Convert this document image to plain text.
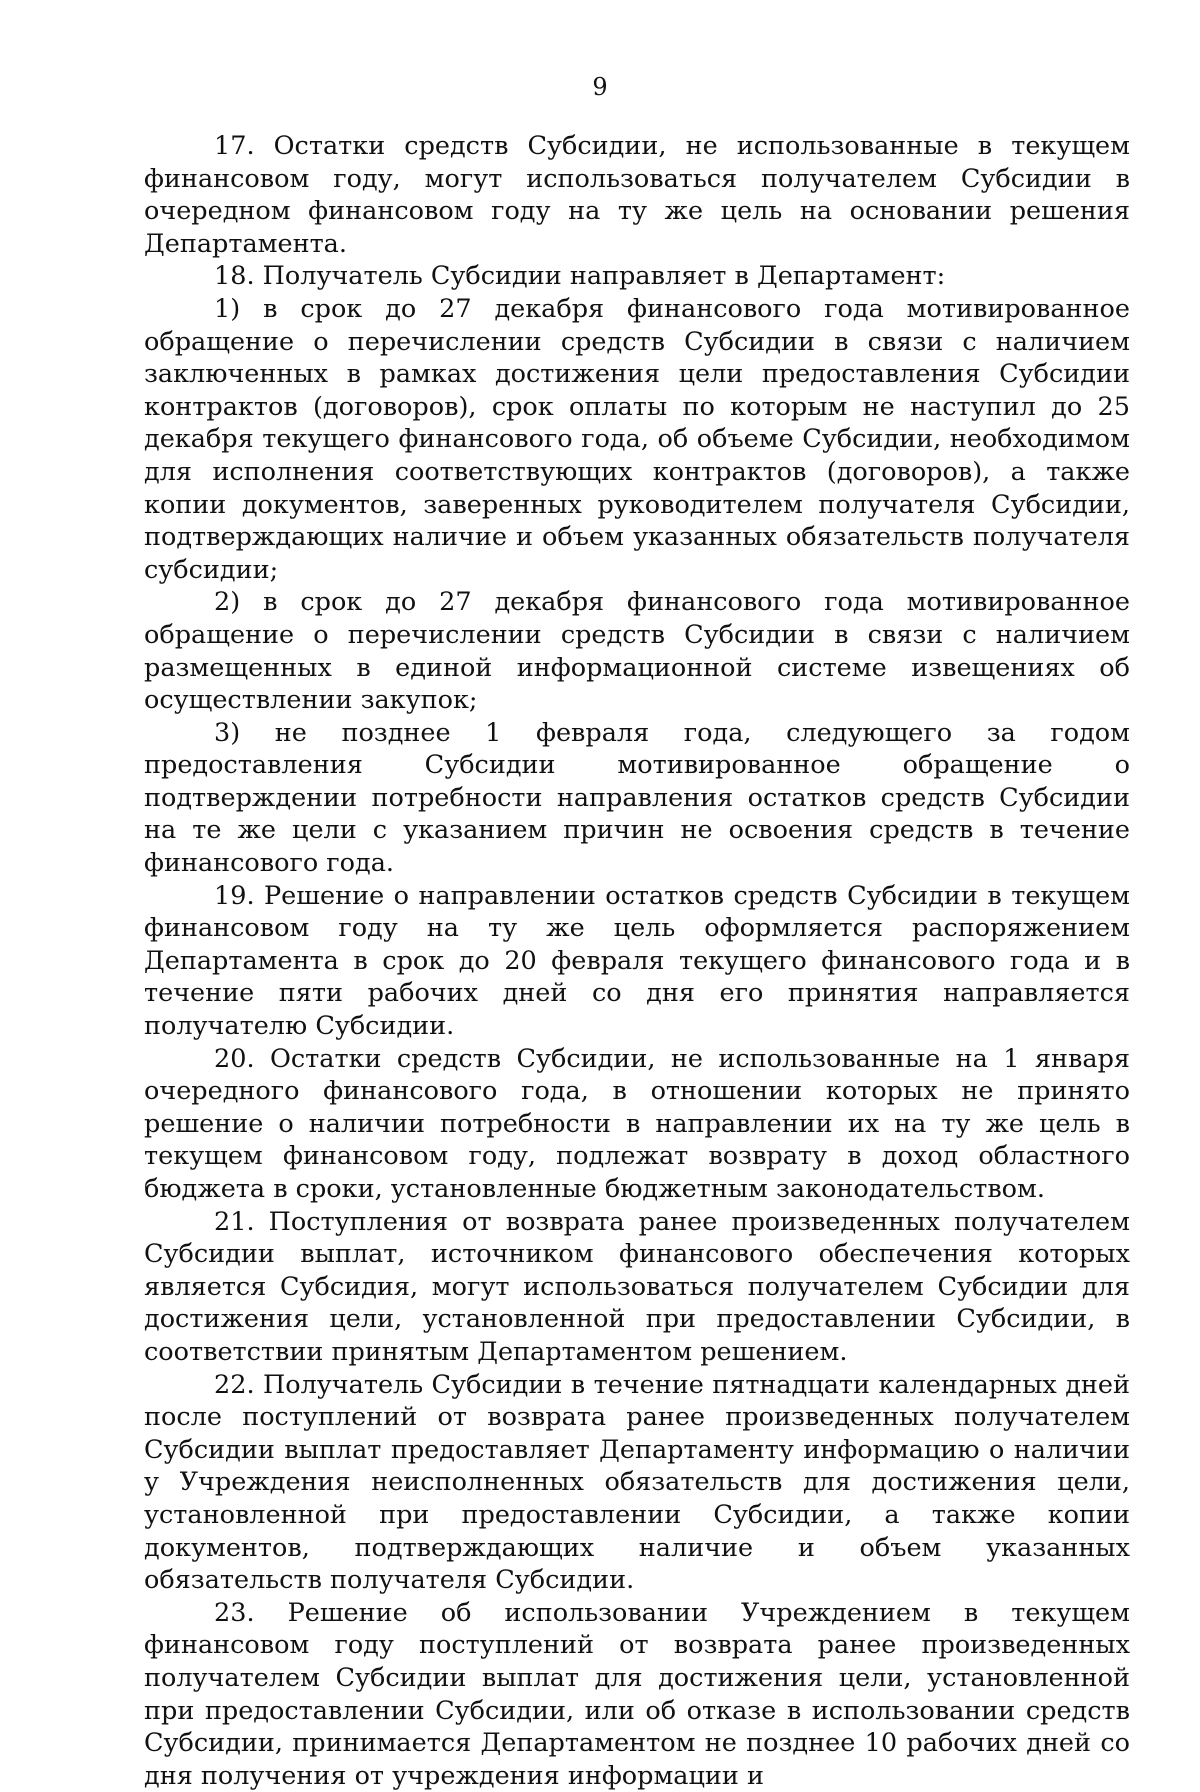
9

17. Остатки средств Субсидии, не использованные в текущем финансовом году, могут использоваться получателем Субсидии в очередном финансовом году на ту же цель на основании решения Департамента.

18. Получатель Субсидии направляет в Департамент:

1) в срок до 27 декабря финансового года мотивированное обращение о перечислении средств Субсидии в связи с наличием заключенных в рамках достижения цели предоставления Субсидии контрактов (договоров), срок оплаты по которым не наступил до 25 декабря текущего финансового года, об объеме Субсидии, необходимом для исполнения соответствующих контрактов (договоров), а также копии документов, заверенных руководителем получателя Субсидии, подтверждающих наличие и объем указанных обязательств получателя субсидии;

2) в срок до 27 декабря финансового года мотивированное обращение о перечислении средств Субсидии в связи с наличием размещенных в единой информационной системе извещениях об осуществлении закупок;

3) не позднее 1 февраля года, следующего за годом предоставления Субсидии мотивированное обращение о подтверждении потребности направления остатков средств Субсидии на те же цели с указанием причин не освоения средств в течение финансового года.

19. Решение о направлении остатков средств Субсидии в текущем финансовом году на ту же цель оформляется распоряжением Департамента в срок до 20 февраля текущего финансового года и в течение пяти рабочих дней со дня его принятия направляется получателю Субсидии.

20. Остатки средств Субсидии, не использованные на 1 января очередного финансового года, в отношении которых не принято решение о наличии потребности в направлении их на ту же цель в текущем финансовом году, подлежат возврату в доход областного бюджета в сроки, установленные бюджетным законодательством.

21. Поступления от возврата ранее произведенных получателем Субсидии выплат, источником финансового обеспечения которых является Субсидия, могут использоваться получателем Субсидии для достижения цели, установленной при предоставлении Субсидии, в соответствии принятым Департаментом решением.

22. Получатель Субсидии в течение пятнадцати календарных дней после поступлений от возврата ранее произведенных получателем Субсидии выплат предоставляет Департаменту информацию о наличии у Учреждения неисполненных обязательств для достижения цели, установленной при предоставлении Субсидии, а также копии документов, подтверждающих наличие и объем указанных обязательств получателя Субсидии.

23. Решение об использовании Учреждением в текущем финансовом году поступлений от возврата ранее произведенных получателем Субсидии выплат для достижения цели, установленной при предоставлении Субсидии, или об отказе в использовании средств Субсидии, принимается Департаментом не позднее 10 рабочих дней со дня получения от учреждения информации и
